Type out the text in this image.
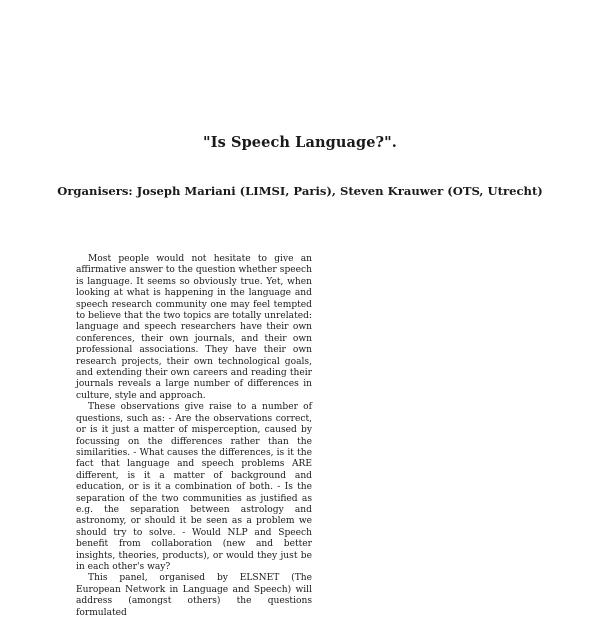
"Is Speech Language?".
Organisers: Joseph Mariani (LIMSI, Paris), Steven Krauwer (OTS, Utrecht)

Most people would not hesitate to give an affirmative answer to the question whether speech is language. It seems so obviously true. Yet, when looking at what is happening in the language and speech research community one may feel tempted to believe that the two topics are totally unrelated: language and speech researchers have their own conferences, their own journals, and their own professional associations. They have their own research projects, their own technological goals, and extending their own careers and reading their journals reveals a large number of differences in culture, style and approach.

These observations give raise to a number of questions, such as: - Are the observations correct, or is it just a matter of misperception, caused by focussing on the differences rather than the similarities. - What causes the differences, is it the fact that language and speech problems ARE different, is it a matter of background and education, or is it a combination of both. - Is the separation of the two communities as justified as e.g. the separation between astrology and astronomy, or should it be seen as a problem we should try to solve. - Would NLP and Speech benefit from collaboration (new and better insights, theories, products), or would they just be in each other's way?

This panel, organised by ELSNET (The European Network in Language and Speech) will address (amongst others) the questions formulated
